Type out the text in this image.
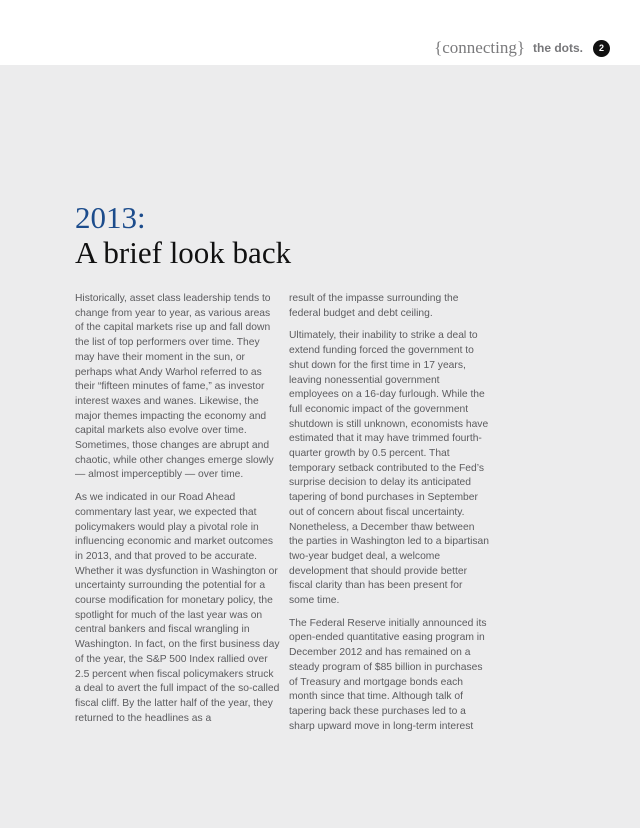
{connecting} the dots.	2
2013:
A brief look back

Historically, asset class leadership tends to change from year to year, as various areas of the capital markets rise up and fall down the list of top performers over time. They may have their moment in the sun, or perhaps what Andy Warhol referred to as their “fifteen minutes of fame,” as investor interest waxes and wanes. Likewise, the major themes impacting the economy and capital markets also evolve over time. Sometimes, those changes are abrupt and chaotic, while other changes emerge slowly — almost imperceptibly — over time.

As we indicated in our Road Ahead commentary last year, we expected that policymakers would play a pivotal role in influencing economic and market outcomes in 2013, and that proved to be accurate. Whether it was dysfunction in Washington or uncertainty surrounding the potential for a course modification for monetary policy, the spotlight for much of the last year was on central bankers and fiscal wrangling in Washington. In fact, on the first business day of the year, the S&P 500 Index rallied over 2.5 percent when fiscal policymakers struck a deal to avert the full impact of the so-called fiscal cliff. By the latter half of the year, they returned to the headlines as a

result of the impasse surrounding the federal budget and debt ceiling.

Ultimately, their inability to strike a deal to extend funding forced the government to shut down for the first time in 17 years, leaving nonessential government employees on a 16-day furlough. While the full economic impact of the government shutdown is still unknown, economists have estimated that it may have trimmed fourth-quarter growth by 0.5 percent. That temporary setback contributed to the Fed’s surprise decision to delay its anticipated tapering of bond purchases in September out of concern about fiscal uncertainty. Nonetheless, a December thaw between the parties in Washington led to a bipartisan two-year budget deal, a welcome development that should provide better fiscal clarity than has been present for some time.

The Federal Reserve initially announced its open-ended quantitative easing program in December 2012 and has remained on a steady program of $85 billion in purchases of Treasury and mortgage bonds each month since that time. Although talk of tapering back these purchases led to a sharp upward move in long-term interest
